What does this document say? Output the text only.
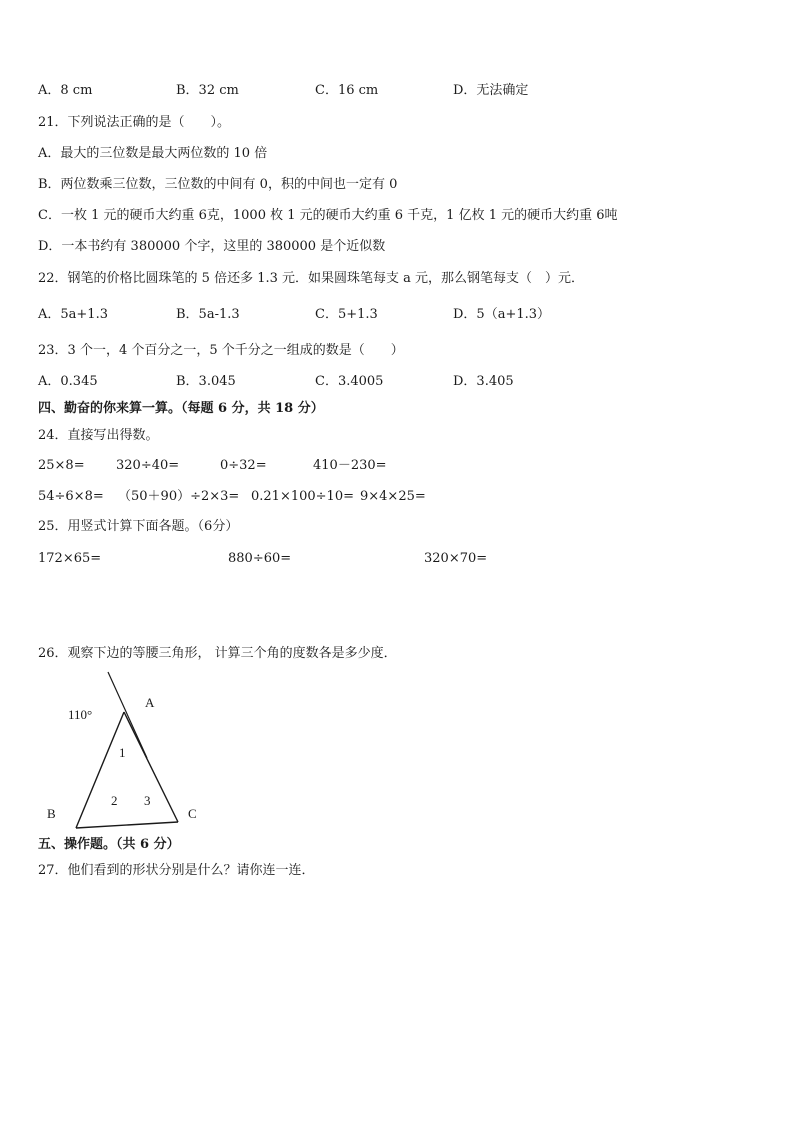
A．8 cm	B．32 cm	C．16 cm	D．无法确定
21．下列说法正确的是（　　）。
A．最大的三位数是最大两位数的 10 倍
B．两位数乘三位数，三位数的中间有 0，积的中间也一定有 0
C．一枚 1 元的硬币大约重 6克，1000 枚 1 元的硬币大约重 6 千克，1 亿枚 1 元的硬币大约重 6吨
D．一本书约有 380000 个字，这里的 380000 是个近似数
22．钢笔的价格比圆珠笔的 5 倍还多 1.3 元．如果圆珠笔每支 a 元，那么钢笔每支（　）元．
A．5a+1.3	B．5a-1.3	C．5+1.3	D．5（a+1.3）
23．3 个一，4 个百分之一，5 个千分之一组成的数是（　　）
A．0.345	B．3.045	C．3.4005	D．3.405
四、勤奋的你来算一算。（每题 6 分，共 18 分）
24．直接写出得数。
25×8= 320÷40=	0÷32=	410－230=
54÷6×8= （50＋90）÷2×3= 0.21×100÷10= 9×4×25=
25．用竖式计算下面各题。（6分）
172×65=	880÷60=	320×70=
26．观察下边的等腰三角形， 计算三个角的度数各是多少度．
110°
A
B	C
1
2 3
五、操作题。（共 6 分）
27．他们看到的形状分别是什么？请你连一连．
